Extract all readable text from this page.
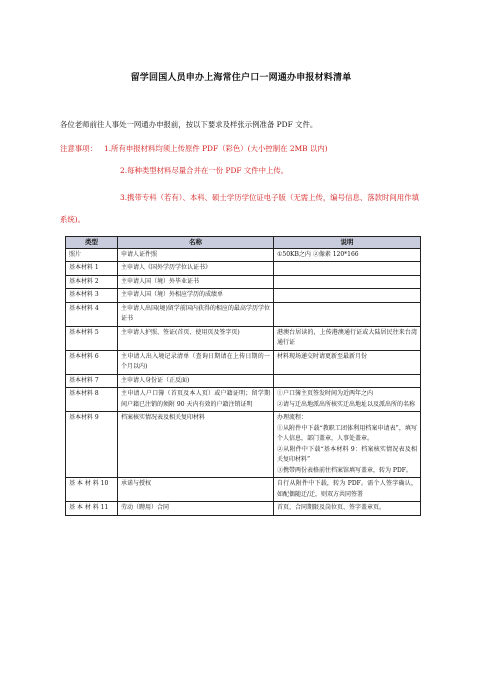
留学回国人员申办上海常住户口一网通办申报材料清单
各位老师前往人事处一网通办申报前，按以下要求及样张示例准备 PDF 文件。
注意事项： 1.所有申报材料均须上传原件 PDF（彩色）(大小控制在 2MB 以内)
2.每种类型材料尽量合并在一份 PDF 文件中上传。
3.携带专科（若有）、本科、硕士学历学位证电子版（无需上传，编号信息、落款时间用作填系统)。
类型	名称	说明
照片	申请人证件照	①50KB之内 ②像素 120*166
基本材料 1	主申请人《国外学历学位认证书》	
基本材料 2	主申请人国（境）外毕业证书	
基本材料 3	主申请人国（境）外相应学历的成绩单	
基本材料 4	主申请人出国(境)留学前国内获得的相应的最高学历学位证书	
基本材料 5	主申请人护照、签证(首页、使用页及签字页)	港澳台居读的，上传港澳通行证或大陆居民往来台湾通行证
基本材料 6	主申请人出入境记录清单（查询日期请在上传日期的一个月以内)	材料现场递交时请更新至最新月份
基本材料 7	主申请人身份证（正反面)	
基本材料 8	主申请人户口簿（首页及本人页）或户籍证明；留学期间户籍已注销的须附 90 天内有效的户籍注销证明	①户口簿主页签发时间为近两年之内
②请与迁出地派出所核实迁出地址以及派出所的名称
基本材料 9	档案核实情况表及相关复印材料	办理流程：
①从附件中下载“教职工团体利用档案申请表”，填写个人信息，部门盖章，人事处盖章。
②从附件中下载“基本材料 9：档案核实情况表及相关复印材料”
③携带两份表格前往档案馆填写盖章，转为 PDF。
基 本 材 料 10	承诺与授权	自行从附件中下载，转为 PDF。需个人签字确认，如配偶随迁/迁，则双方共同签署
基 本 材 料 11	劳动（聘用）合同	首页、合同期限及岗位页、签字盖章页。
